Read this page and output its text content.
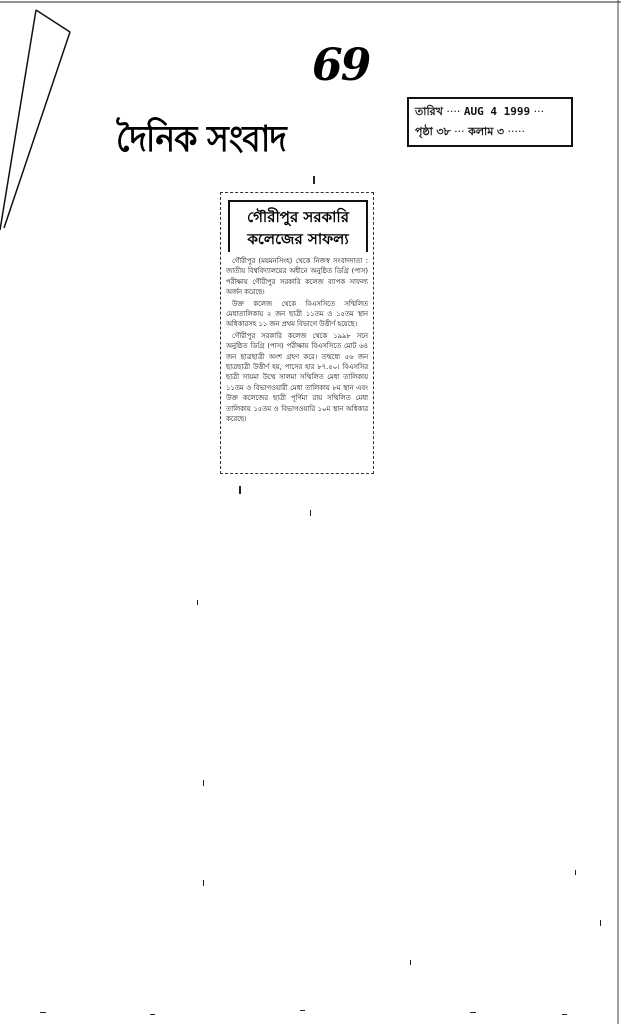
69
দৈনিক সংবাদ
তারিখ ···· AUG 4 1999 ···
পৃষ্ঠা ৩৮ ··· কলাম ৩ ·····
গৌরীপুর সরকারি
কলেজের সাফল্য

গৌরীপুর (ময়মনসিংহ) থেকে নিজস্ব সংবাদদাতা : জাতীয় বিশ্ববিদ্যালয়ের অধীনে অনুষ্ঠিত ডিগ্রি (পাস) পরীক্ষায় গৌরীপুর সরকারি কলেজ ব্যাপক সাফল্য অর্জন করেছে।

উক্ত কলেজ থেকে বিএসসিতে সম্মিলিত মেধাতালিকায় ২ জন ছাত্রী ১১তম ও ১৫তম স্থান অধিকারসহ ১১ জন প্রথম বিভাগে উত্তীর্ণ হয়েছে।

গৌরীপুর সরকারি কলেজ থেকে ১৯৯৮ সনে অনুষ্ঠিত ডিগ্রি (পাস) পরীক্ষায় বিএসসিতে মোট ৬৪ জন ছাত্রছাত্রী অংশ গ্রহণ করে। তন্মধ্যে ৫৬ জন ছাত্রছাত্রী উত্তীর্ণ হয়, পাসের হার ৮৭.৫০। বিএসসির ছাত্রী সায়মা উম্মে সালমা সম্মিলিত মেধা তালিকায় ১১তম ও বিভাগওয়ারী মেধা তালিকায় ৮ম স্থান এবং উক্ত কলেজের ছাত্রী পূর্ণিমা রায় সম্মিলিত মেধা তালিকায় ১৫তম ও বিভাগওয়ারি ১০ম স্থান অধিকার করেছে।
